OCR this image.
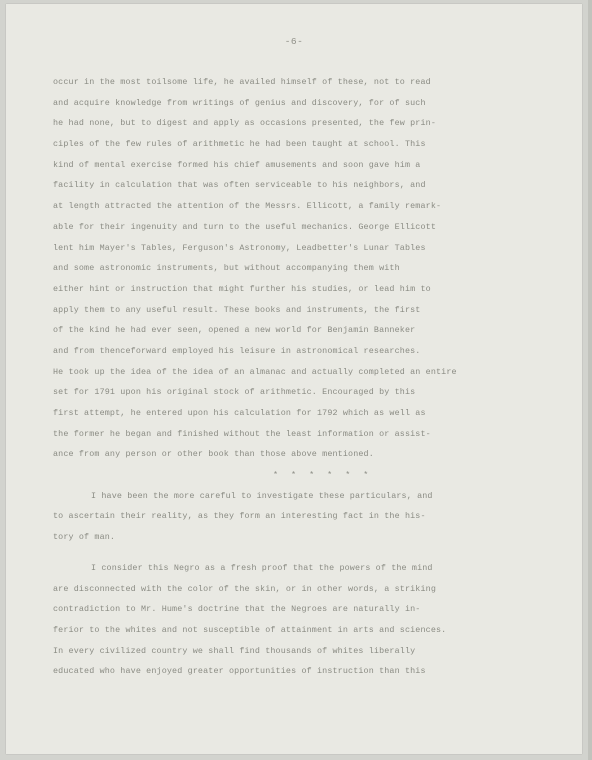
-6-
occur in the most toilsome life, he availed himself of these, not to read
and acquire knowledge from writings of genius and discovery, for of such
he had none, but to digest and apply as occasions presented, the few prin-
ciples of the few rules of arithmetic he had been taught at school. This
kind of mental exercise formed his chief amusements and soon gave him a
facility in calculation that was often serviceable to his neighbors, and
at length attracted the attention of the Messrs. Ellicott, a family remark-
able for their ingenuity and turn to the useful mechanics. George Ellicott
lent him Mayer's Tables, Ferguson's Astronomy, Leadbetter's Lunar Tables
and some astronomic instruments, but without accompanying them with
either hint or instruction that might further his studies, or lead him to
apply them to any useful result. These books and instruments, the first
of the kind he had ever seen, opened a new world for Benjamin Banneker
and from thenceforward employed his leisure in astronomical researches.
He took up the idea of the idea of an almanac and actually completed an entire
set for 1791 upon his original stock of arithmetic. Encouraged by this
first attempt, he entered upon his calculation for 1792 which as well as
the former he began and finished without the least information or assist-
ance from any person or other book than those above mentioned.
* * * * * *
I have been the more careful to investigate these particulars, and
to ascertain their reality, as they form an interesting fact in the his-
tory of man.
I consider this Negro as a fresh proof that the powers of the mind
are disconnected with the color of the skin, or in other words, a striking
contradiction to Mr. Hume's doctrine that the Negroes are naturally in-
ferior to the whites and not susceptible of attainment in arts and sciences.
In every civilized country we shall find thousands of whites liberally
educated who have enjoyed greater opportunities of instruction than this
